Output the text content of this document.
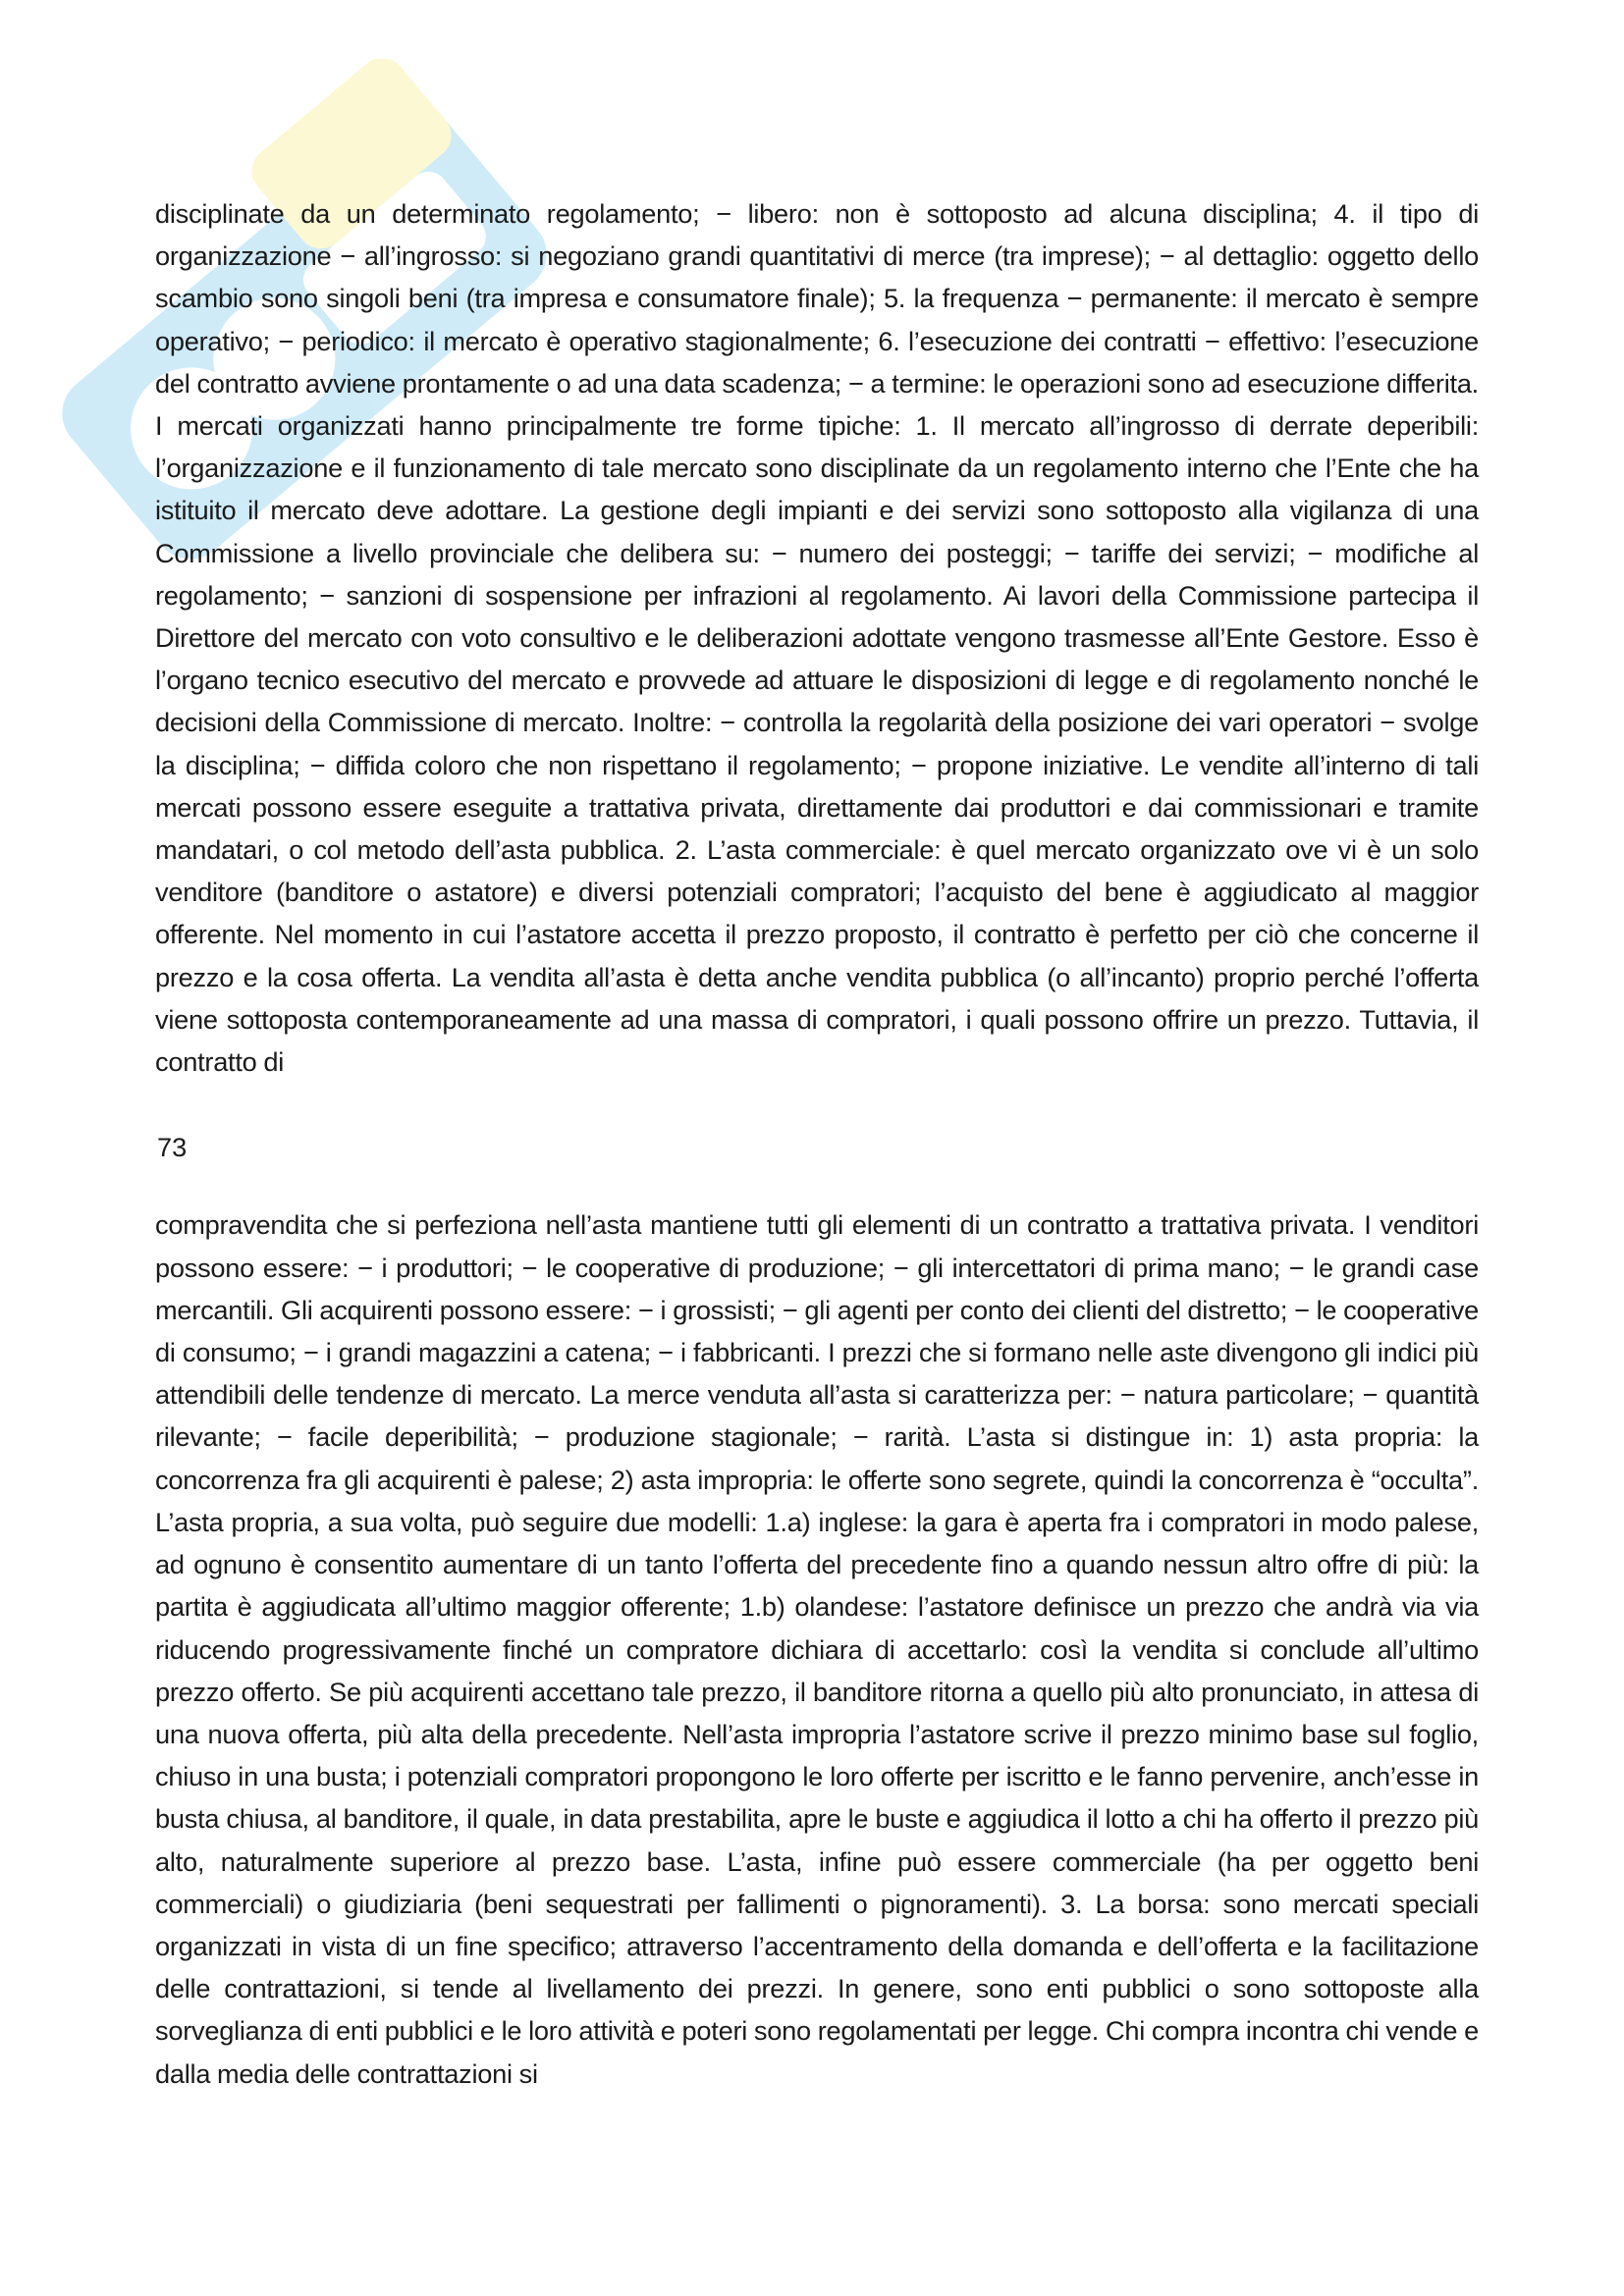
disciplinate da un determinato regolamento; − libero: non è sottoposto ad alcuna disciplina; 4. il tipo di organizzazione − all’ingrosso: si negoziano grandi quantitativi di merce (tra imprese); − al dettaglio: oggetto dello scambio sono singoli beni (tra impresa e consumatore finale); 5. la frequenza − permanente: il mercato è sempre operativo; − periodico: il mercato è operativo stagionalmente; 6. l’esecuzione dei contratti − effettivo: l’esecuzione del contratto avviene prontamente o ad una data scadenza; − a termine: le operazioni sono ad esecuzione differita. I mercati organizzati hanno principalmente tre forme tipiche: 1. Il mercato all’ingrosso di derrate deperibili: l’organizzazione e il funzionamento di tale mercato sono disciplinate da un regolamento interno che l’Ente che ha istituito il mercato deve adottare. La gestione degli impianti e dei servizi sono sottoposto alla vigilanza di una Commissione a livello provinciale che delibera su: − numero dei posteggi; − tariffe dei servizi; − modifiche al regolamento; − sanzioni di sospensione per infrazioni al regolamento. Ai lavori della Commissione partecipa il Direttore del mercato con voto consultivo e le deliberazioni adottate vengono trasmesse all’Ente Gestore. Esso è l’organo tecnico esecutivo del mercato e provvede ad attuare le disposizioni di legge e di regolamento nonché le decisioni della Commissione di mercato. Inoltre: − controlla la regolarità della posizione dei vari operatori − svolge la disciplina; − diffida coloro che non rispettano il regolamento; − propone iniziative. Le vendite all’interno di tali mercati possono essere eseguite a trattativa privata, direttamente dai produttori e dai commissionari e tramite mandatari, o col metodo dell’asta pubblica. 2. L’asta commerciale: è quel mercato organizzato ove vi è un solo venditore (banditore o astatore) e diversi potenziali compratori; l’acquisto del bene è aggiudicato al maggior offerente. Nel momento in cui l’astatore accetta il prezzo proposto, il contratto è perfetto per ciò che concerne il prezzo e la cosa offerta. La vendita all’asta è detta anche vendita pubblica (o all’incanto) proprio perché l’offerta viene sottoposta contemporaneamente ad una massa di compratori, i quali possono offrire un prezzo. Tuttavia, il contratto di

73

compravendita che si perfeziona nell’asta mantiene tutti gli elementi di un contratto a trattativa privata. I venditori possono essere: − i produttori; − le cooperative di produzione; − gli intercettatori di prima mano; − le grandi case mercantili. Gli acquirenti possono essere: − i grossisti; − gli agenti per conto dei clienti del distretto; − le cooperative di consumo; − i grandi magazzini a catena; − i fabbricanti. I prezzi che si formano nelle aste divengono gli indici più attendibili delle tendenze di mercato. La merce venduta all’asta si caratterizza per: − natura particolare; − quantità rilevante; − facile deperibilità; − produzione stagionale; − rarità. L’asta si distingue in: 1) asta propria: la concorrenza fra gli acquirenti è palese; 2) asta impropria: le offerte sono segrete, quindi la concorrenza è “occulta”. L’asta propria, a sua volta, può seguire due modelli: 1.a) inglese: la gara è aperta fra i compratori in modo palese, ad ognuno è consentito aumentare di un tanto l’offerta del precedente fino a quando nessun altro offre di più: la partita è aggiudicata all’ultimo maggior offerente; 1.b) olandese: l’astatore definisce un prezzo che andrà via via riducendo progressivamente finché un compratore dichiara di accettarlo: così la vendita si conclude all’ultimo prezzo offerto. Se più acquirenti accettano tale prezzo, il banditore ritorna a quello più alto pronunciato, in attesa di una nuova offerta, più alta della precedente. Nell’asta impropria l’astatore scrive il prezzo minimo base sul foglio, chiuso in una busta; i potenziali compratori propongono le loro offerte per iscritto e le fanno pervenire, anch’esse in busta chiusa, al banditore, il quale, in data prestabilita, apre le buste e aggiudica il lotto a chi ha offerto il prezzo più alto, naturalmente superiore al prezzo base. L’asta, infine può essere commerciale (ha per oggetto beni commerciali) o giudiziaria (beni sequestrati per fallimenti o pignoramenti). 3. La borsa: sono mercati speciali organizzati in vista di un fine specifico; attraverso l’accentramento della domanda e dell’offerta e la facilitazione delle contrattazioni, si tende al livellamento dei prezzi. In genere, sono enti pubblici o sono sottoposte alla sorveglianza di enti pubblici e le loro attività e poteri sono regolamentati per legge. Chi compra incontra chi vende e dalla media delle contrattazioni si
